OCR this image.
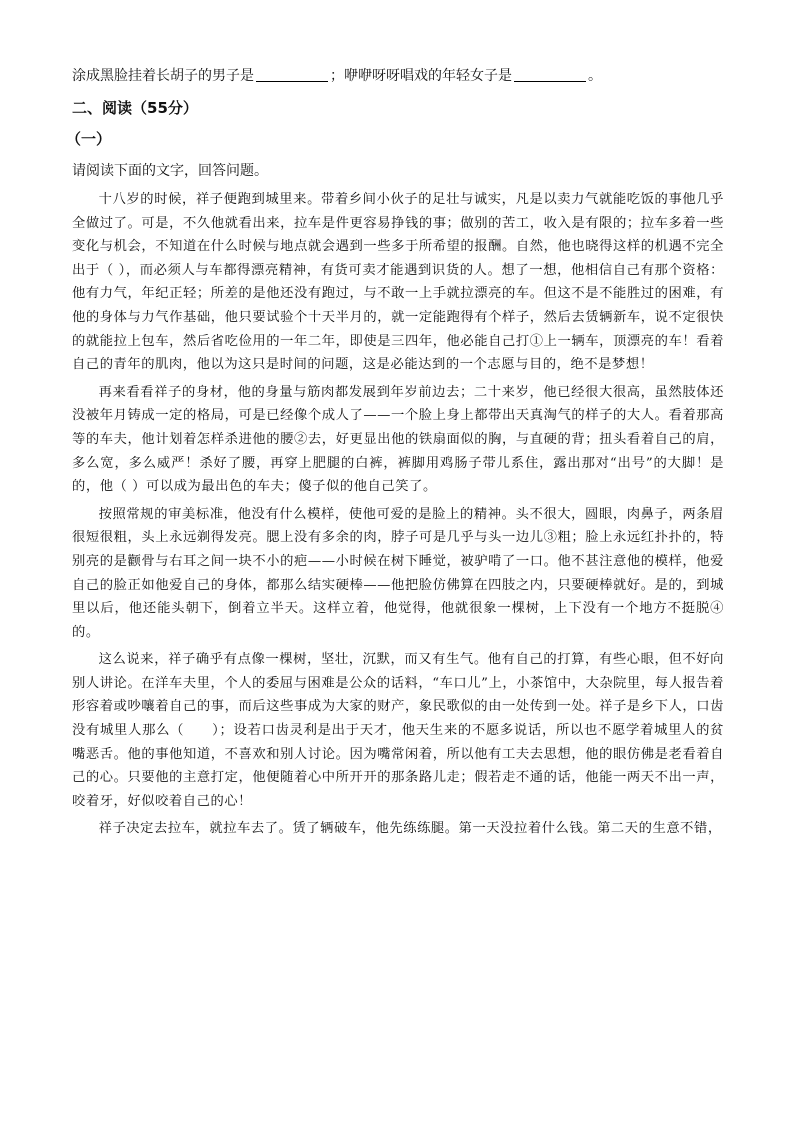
涂成黑脸挂着长胡子的男子是	；咿咿呀呀唱戏的年轻女子是	。
二、阅读（55分）
（一）
请阅读下面的文字，回答问题。

十八岁的时候，祥子便跑到城里来。带着乡间小伙子的足壮与诚实，凡是以卖力气就能吃饭的事他几乎全做过了。可是，不久他就看出来，拉车是件更容易挣钱的事；做别的苦工，收入是有限的；拉车多着一些变化与机会，不知道在什么时候与地点就会遇到一些多于所希望的报酬。自然，他也晓得这样的机遇不完全出于（ ），而必须人与车都得漂亮精神，有货可卖才能遇到识货的人。想了一想，他相信自己有那个资格：他有力气，年纪正轻；所差的是他还没有跑过，与不敢一上手就拉漂亮的车。但这不是不能胜过的困难，有他的身体与力气作基础，他只要试验个十天半月的，就一定能跑得有个样子，然后去赁辆新车，说不定很快的就能拉上包车，然后省吃俭用的一年二年，即使是三四年，他必能自己打①上一辆车，顶漂亮的车！看着自己的青年的肌肉，他以为这只是时间的问题，这是必能达到的一个志愿与目的，绝不是梦想！

再来看看祥子的身材，他的身量与筋肉都发展到年岁前边去；二十来岁，他已经很大很高，虽然肢体还没被年月铸成一定的格局，可是已经像个成人了——一个脸上身上都带出天真淘气的样子的大人。看着那高等的车夫，他计划着怎样杀进他的腰②去，好更显出他的铁扇面似的胸，与直硬的背；扭头看着自己的肩，多么宽，多么威严！杀好了腰，再穿上肥腿的白裤，裤脚用鸡肠子带儿系住，露出那对“出号”的大脚！是的，他（ ）可以成为最出色的车夫；傻子似的他自己笑了。

按照常规的审美标准，他没有什么模样，使他可爱的是脸上的精神。头不很大，圆眼，肉鼻子，两条眉很短很粗，头上永远剃得发亮。腮上没有多余的肉，脖子可是几乎与头一边儿③粗；脸上永远红扑扑的，特别亮的是颧骨与右耳之间一块不小的疤——小时候在树下睡觉，被驴啃了一口。他不甚注意他的模样，他爱自己的脸正如他爱自己的身体，都那么结实硬棒——他把脸仿佛算在四肢之内，只要硬棒就好。是的，到城里以后，他还能头朝下，倒着立半天。这样立着，他觉得，他就很象一棵树，上下没有一个地方不挺脱④的。

这么说来，祥子确乎有点像一棵树，坚壮，沉默，而又有生气。他有自己的打算，有些心眼，但不好向别人讲论。在洋车夫里，个人的委屈与困难是公众的话料，“车口儿”上，小茶馆中，大杂院里，每人报告着形容着或吵嚷着自己的事，而后这些事成为大家的财产，象民歌似的由一处传到一处。祥子是乡下人，口齿没有城里人那么（　　）；设若口齿灵利是出于天才，他天生来的不愿多说话，所以也不愿学着城里人的贫嘴恶舌。他的事他知道，不喜欢和别人讨论。因为嘴常闲着，所以他有工夫去思想，他的眼仿佛是老看着自己的心。只要他的主意打定，他便随着心中所开开的那条路儿走；假若走不通的话，他能一两天不出一声，咬着牙，好似咬着自己的心！

祥子决定去拉车，就拉车去了。赁了辆破车，他先练练腿。第一天没拉着什么钱。第二天的生意不错，
